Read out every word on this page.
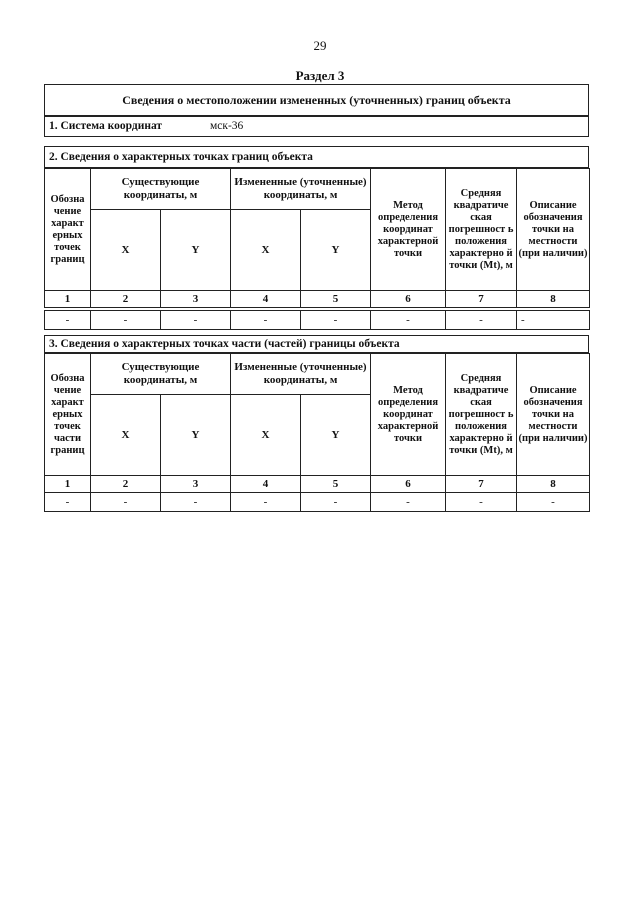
29
Раздел 3
Сведения о местоположении измененных (уточненных) границ объекта
1. Система координат	мск-36
2. Сведения о характерных точках границ объекта
Обозна чение характ ерных точек границ	Существующие координаты, м		Измененные (уточненные) координаты, м		Метод определения координат характерной точки	Средняя квадратиче ская погрешност ь положения характерно й точки (Mt), м	Описание обозначения точки на местности (при наличии)
	X	Y	X	Y			
1	2	3	4	5	6	7	8
-	-	-	-	-	-	-	-
3. Сведения о характерных точках части (частей) границы объекта
Обозна чение характ ерных точек части границ	Существующие координаты, м		Измененные (уточненные) координаты, м		Метод определения координат характерной точки	Средняя квадратиче ская погрешност ь положения характерно й точки (Mt), м	Описание обозначения точки на местности (при наличии)
	X	Y	X	Y			
1	2	3	4	5	6	7	8
-	-	-	-	-	-	-	-
